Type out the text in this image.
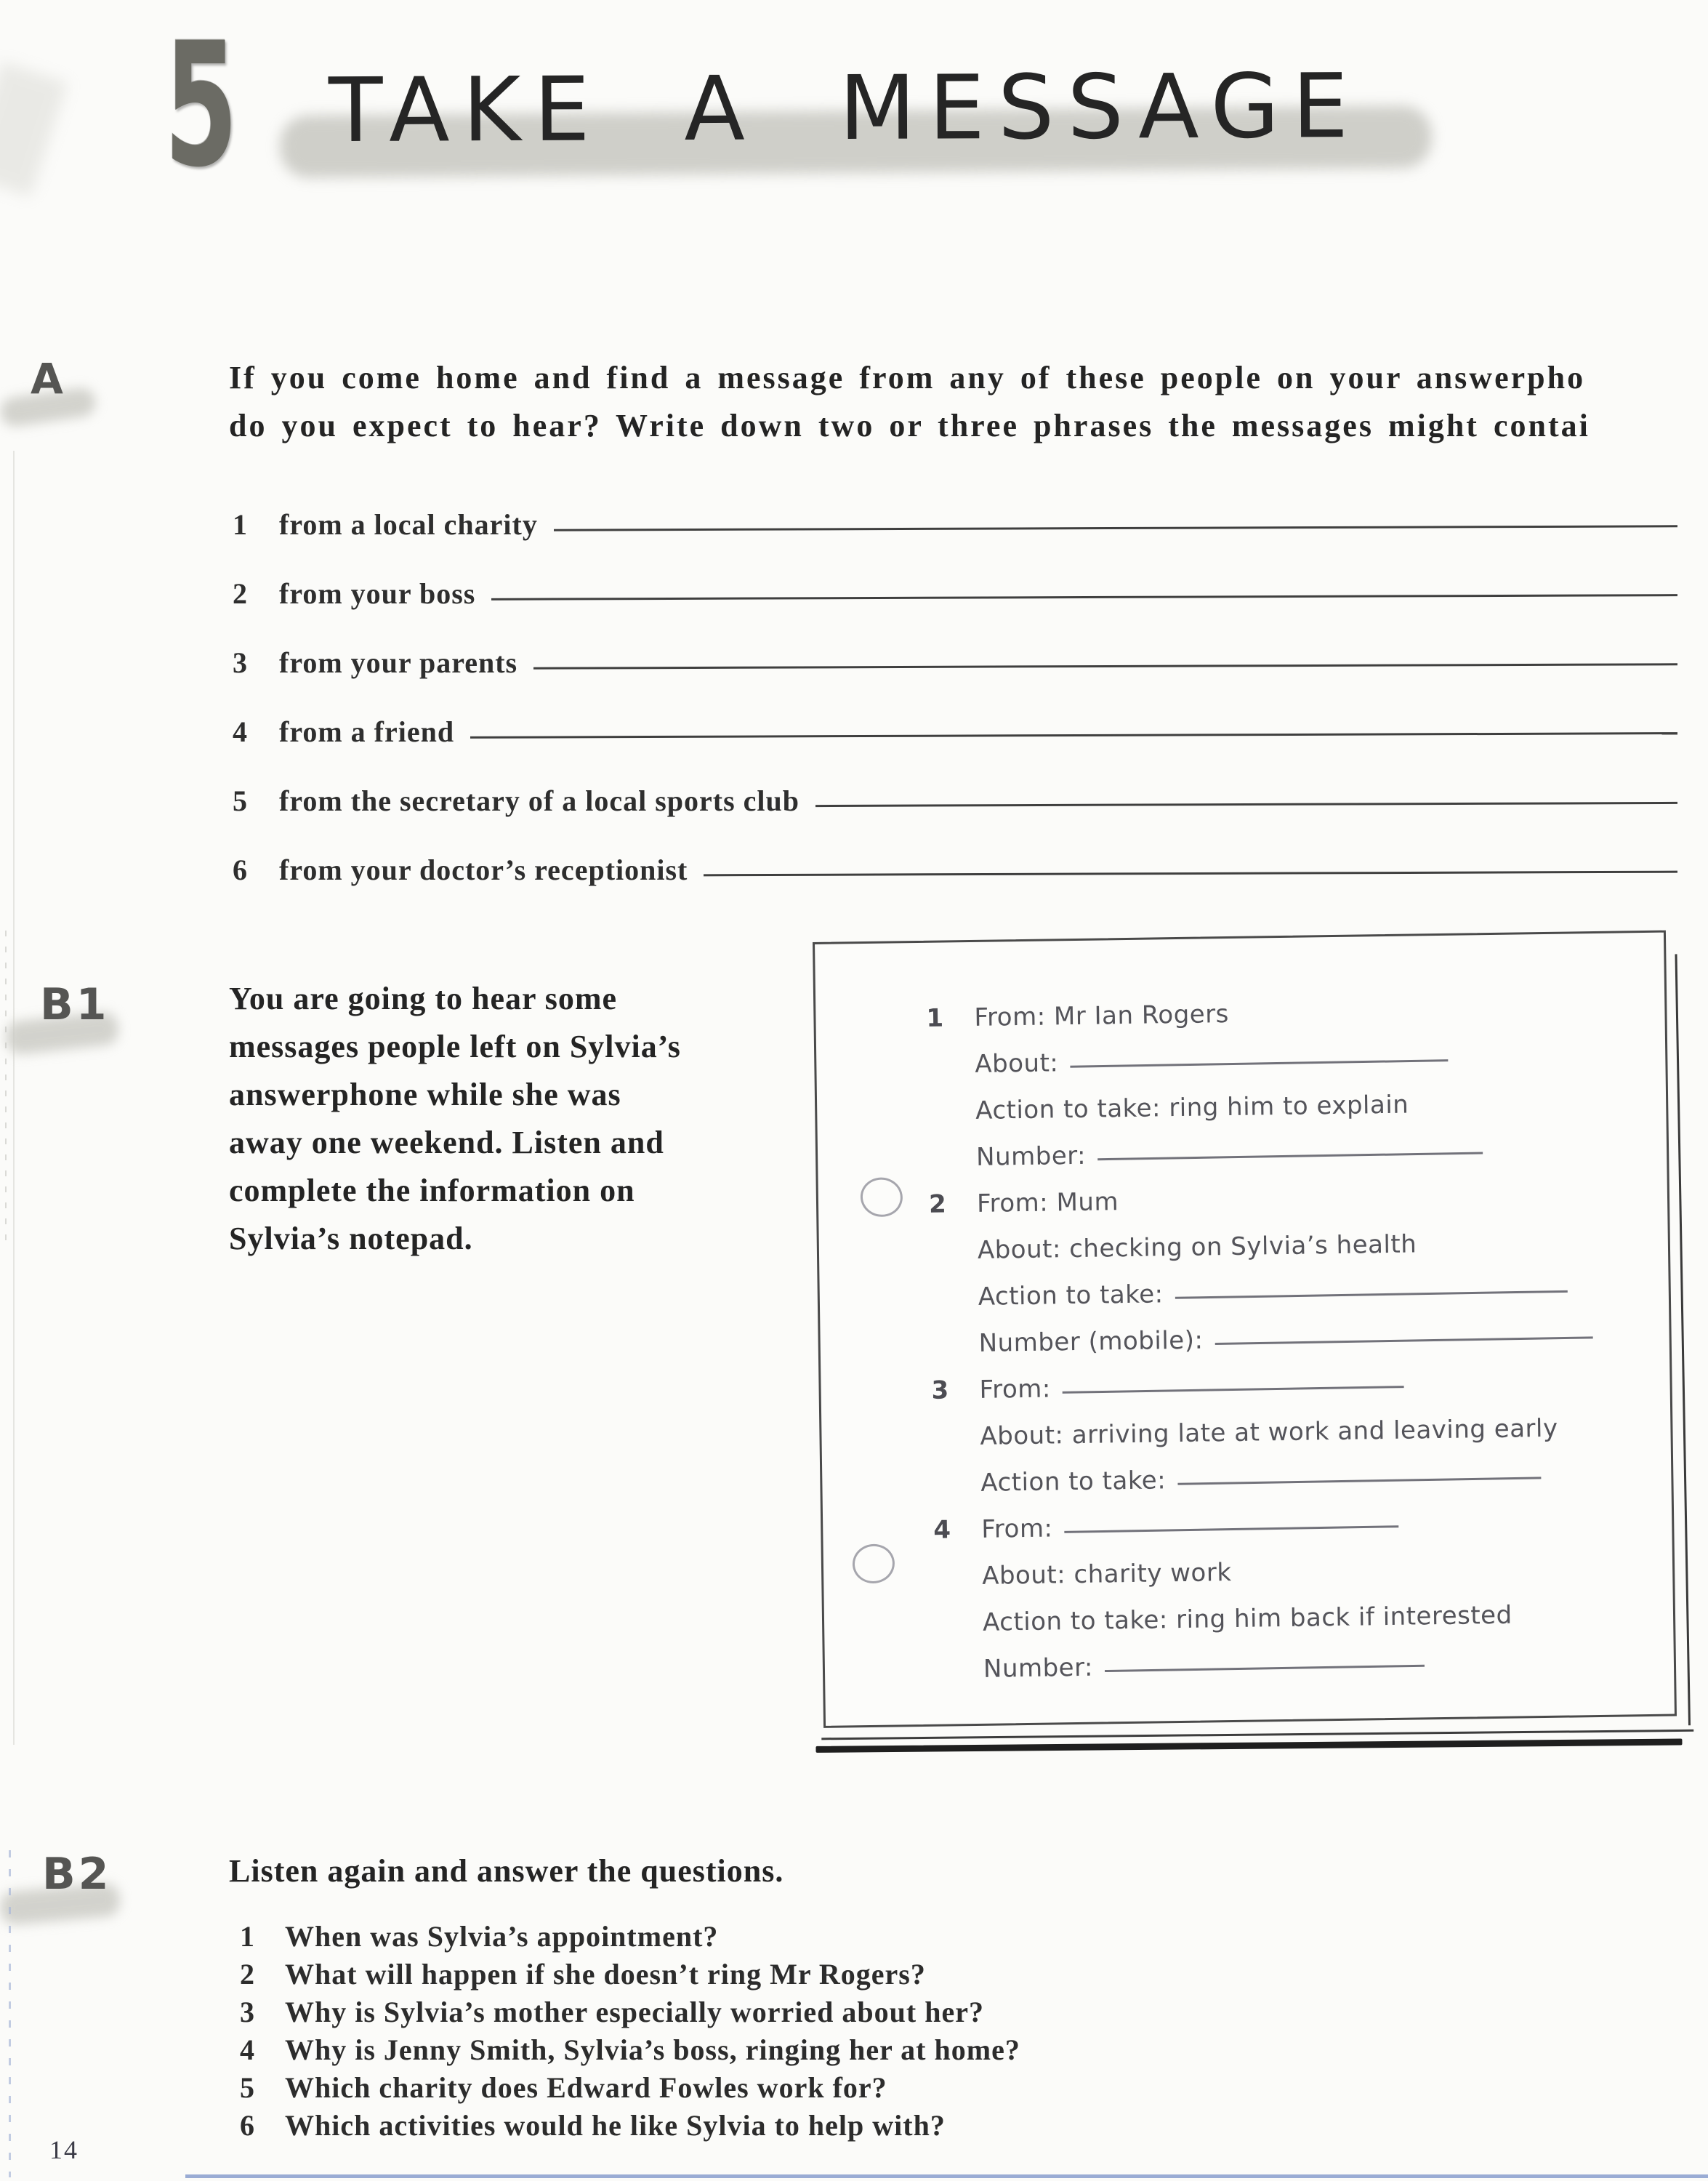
5 TAKE A MESSAGE
A	If you come home and find a message from any of these people on your answerpho
do you expect to hear? Write down two or three phrases the messages might contai
1	from a local charity
2	from your boss
3	from your parents
4	from a friend
5	from the secretary of a local sports club
6	from your doctor’s receptionist
B1	You are going to hear some
messages people left on Sylvia’s
answerphone while she was
away one weekend. Listen and
complete the information on
Sylvia’s notepad.
1	From: Mr Ian Rogers
About:
Action to take: ring him to explain
Number:
2	From: Mum
About: checking on Sylvia’s health
Action to take:
Number (mobile):
3	From:
About: arriving late at work and leaving early
Action to take:
4	From:
About: charity work
Action to take: ring him back if interested
Number:
B2	Listen again and answer the questions.
1	When was Sylvia’s appointment?
2	What will happen if she doesn’t ring Mr Rogers?
3	Why is Sylvia’s mother especially worried about her?
4	Why is Jenny Smith, Sylvia’s boss, ringing her at home?
5	Which charity does Edward Fowles work for?
6	Which activities would he like Sylvia to help with?
14
